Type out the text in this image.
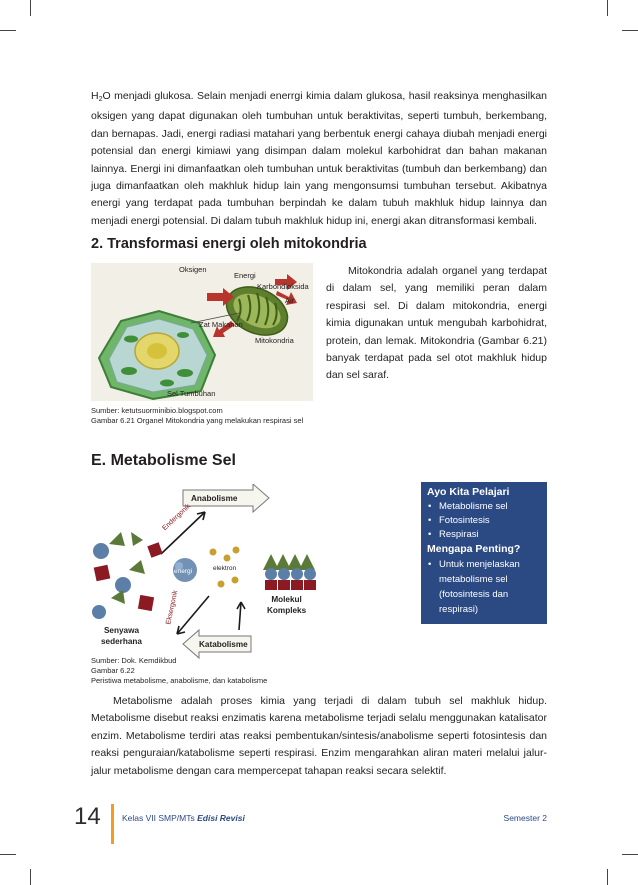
$H_2O$ menjadi glukosa. Selain menjadi enerrgi kimia dalam glukosa, hasil reaksinya menghasilkan oksigen yang dapat digunakan oleh tumbuhan untuk beraktivitas, seperti tumbuh, berkembang, dan bernapas. Jadi, energi radiasi matahari yang berbentuk energi cahaya diubah menjadi energi potensial dan energi kimiawi yang disimpan dalam molekul karbohidrat dan bahan makanan lainnya. Energi ini dimanfaatkan oleh tumbuhan untuk beraktivitas (tumbuh dan berkembang) dan juga dimanfaatkan oleh makhluk hidup lain yang mengonsumsi tumbuhan tersebut. Akibatnya energi yang terdapat pada tumbuhan berpindah ke dalam tubuh makhluk hidup lainnya dan menjadi energi potensial. Di dalam tubuh makhluk hidup ini, energi akan ditransformasi kembali.

2. Transformasi energi oleh mitokondria
Oksigen
Energi
Karbondioksida
Air
Zat Makanan
Mitokondria
Sel Tumbuhan

Mitokondria adalah organel yang terdapat di dalam sel, yang memiliki peran dalam respirasi sel. Di dalam mitokondria, energi kimia digunakan untuk mengubah karbohidrat, protein, dan lemak. Mitokondria (Gambar 6.21) banyak terdapat pada sel otot makhluk hidup dan sel saraf.

Sumber: ketutsuorminibio.blogspot.com

Gambar 6.21 Organel Mitokondria yang melakukan respirasi sel

E. Metabolisme Sel
Anabolisme
Katabolisme
Endergonik
Eksergonik
energi	elektron
Molekul
Kompleks
Senyawa
sederhana

Sumber: Dok. Kemdikbud

Gambar 6.22

Peristiwa metabolisme, anabolisme, dan katabolisme

Ayo Kita Pelajari
• Metabolisme sel
• Fotosintesis
• Respirasi
Mengapa Penting?
• Untuk menjelaskan metabolisme sel (fotosintesis dan respirasi)

Metabolisme adalah proses kimia yang terjadi di dalam tubuh sel makhluk hidup. Metabolisme disebut reaksi enzimatis karena metabolisme terjadi selalu menggunakan katalisator enzim. Metabolisme terdiri atas reaksi pembentukan/sintesis/anabolisme seperti fotosintesis dan reaksi penguraian/katabolisme seperti respirasi. Enzim mengarahkan aliran materi melalui jalur-jalur metabolisme dengan cara mempercepat tahapan reaksi secara selektif.

14	Kelas VII SMP/MTs Edisi Revisi	Semester 2
